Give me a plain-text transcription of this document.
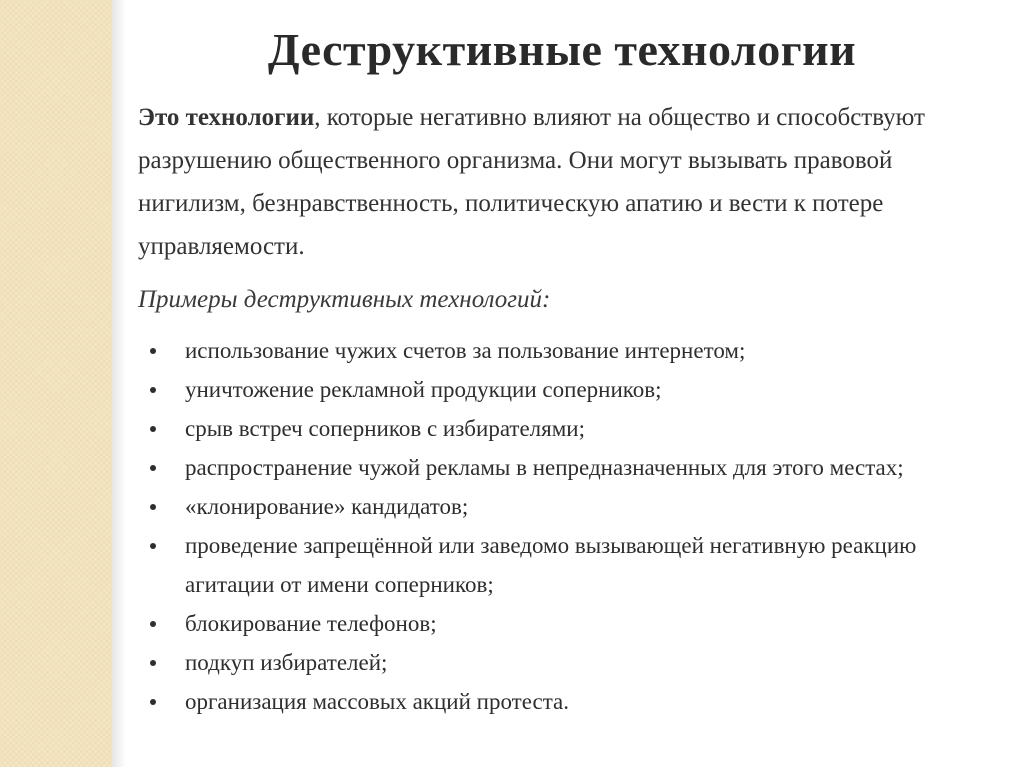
Деструктивные технологии

Это технологии, которые негативно влияют на общество и способствуют разрушению общественного организма. Они могут вызывать правовой нигилизм, безнравственность, политическую апатию и вести к потере управляемости.

Примеры деструктивных технологий:

использование чужих счетов за пользование интернетом;
уничтожение рекламной продукции соперников;
срыв встреч соперников с избирателями;
распространение чужой рекламы в непредназначенных для этого местах;
«клонирование» кандидатов;
проведение запрещённой или заведомо вызывающей негативную реакцию агитации от имени соперников;
блокирование телефонов;
подкуп избирателей;
организация массовых акций протеста.
